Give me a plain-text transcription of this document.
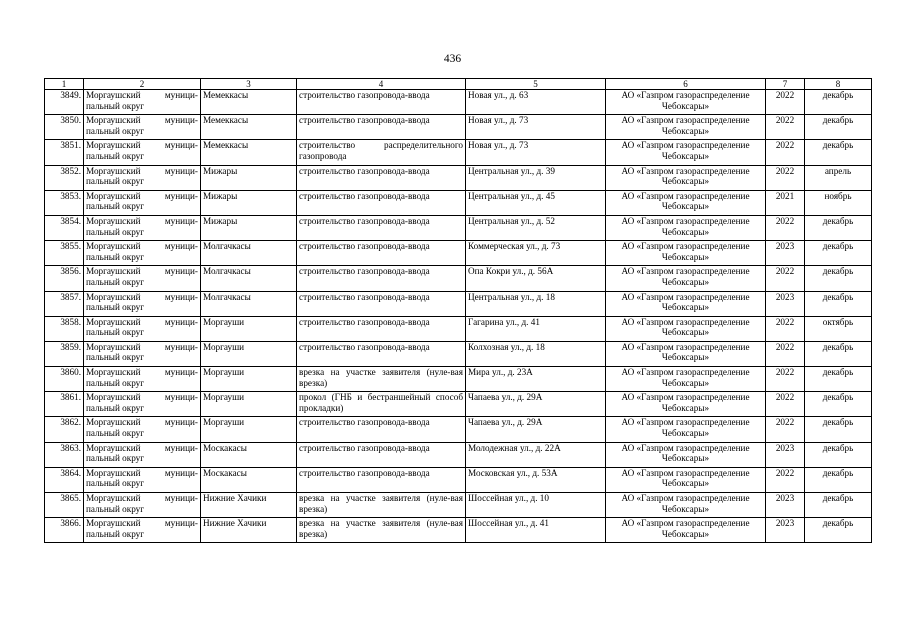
436
1	2	3	4	5	6	7	8
3849.	Моргаушский муници-пальный округ	Мемеккасы	строительство газопровода-ввода	Новая ул., д. 63	АО «Газпром газораспределение Чебоксары»	2022	декабрь
3850.	Моргаушский муници-пальный округ	Мемеккасы	строительство газопровода-ввода	Новая ул., д. 73	АО «Газпром газораспределение Чебоксары»	2022	декабрь
3851.	Моргаушский муници-пальный округ	Мемеккасы	строительство распределительного газопровода	Новая ул., д. 73	АО «Газпром газораспределение Чебоксары»	2022	декабрь
3852.	Моргаушский муници-пальный округ	Мижары	строительство газопровода-ввода	Центральная ул., д. 39	АО «Газпром газораспределение Чебоксары»	2022	апрель
3853.	Моргаушский муници-пальный округ	Мижары	строительство газопровода-ввода	Центральная ул., д. 45	АО «Газпром газораспределение Чебоксары»	2021	ноябрь
3854.	Моргаушский муници-пальный округ	Мижары	строительство газопровода-ввода	Центральная ул., д. 52	АО «Газпром газораспределение Чебоксары»	2022	декабрь
3855.	Моргаушский муници-пальный округ	Молгачкасы	строительство газопровода-ввода	Коммерческая ул., д. 73	АО «Газпром газораспределение Чебоксары»	2023	декабрь
3856.	Моргаушский муници-пальный округ	Молгачкасы	строительство газопровода-ввода	Опа Кокри ул., д. 56А	АО «Газпром газораспределение Чебоксары»	2022	декабрь
3857.	Моргаушский муници-пальный округ	Молгачкасы	строительство газопровода-ввода	Центральная ул., д. 18	АО «Газпром газораспределение Чебоксары»	2023	декабрь
3858.	Моргаушский муници-пальный округ	Моргауши	строительство газопровода-ввода	Гагарина ул., д. 41	АО «Газпром газораспределение Чебоксары»	2022	октябрь
3859.	Моргаушский муници-пальный округ	Моргауши	строительство газопровода-ввода	Колхозная ул., д. 18	АО «Газпром газораспределение Чебоксары»	2022	декабрь
3860.	Моргаушский муници-пальный округ	Моргауши	врезка на участке заявителя (нуле-вая врезка)	Мира ул., д. 23А	АО «Газпром газораспределение Чебоксары»	2022	декабрь
3861.	Моргаушский муници-пальный округ	Моргауши	прокол (ГНБ и бестраншейный способ прокладки)	Чапаева ул., д. 29А	АО «Газпром газораспределение Чебоксары»	2022	декабрь
3862.	Моргаушский муници-пальный округ	Моргауши	строительство газопровода-ввода	Чапаева ул., д. 29А	АО «Газпром газораспределение Чебоксары»	2022	декабрь
3863.	Моргаушский муници-пальный округ	Москакасы	строительство газопровода-ввода	Молодежная ул., д. 22А	АО «Газпром газораспределение Чебоксары»	2023	декабрь
3864.	Моргаушский муници-пальный округ	Москакасы	строительство газопровода-ввода	Московская ул., д. 53А	АО «Газпром газораспределение Чебоксары»	2022	декабрь
3865.	Моргаушский муници-пальный округ	Нижние Хачики	врезка на участке заявителя (нуле-вая врезка)	Шоссейная ул., д. 10	АО «Газпром газораспределение Чебоксары»	2023	декабрь
3866.	Моргаушский муници-пальный округ	Нижние Хачики	врезка на участке заявителя (нуле-вая врезка)	Шоссейная ул., д. 41	АО «Газпром газораспределение Чебоксары»	2023	декабрь
